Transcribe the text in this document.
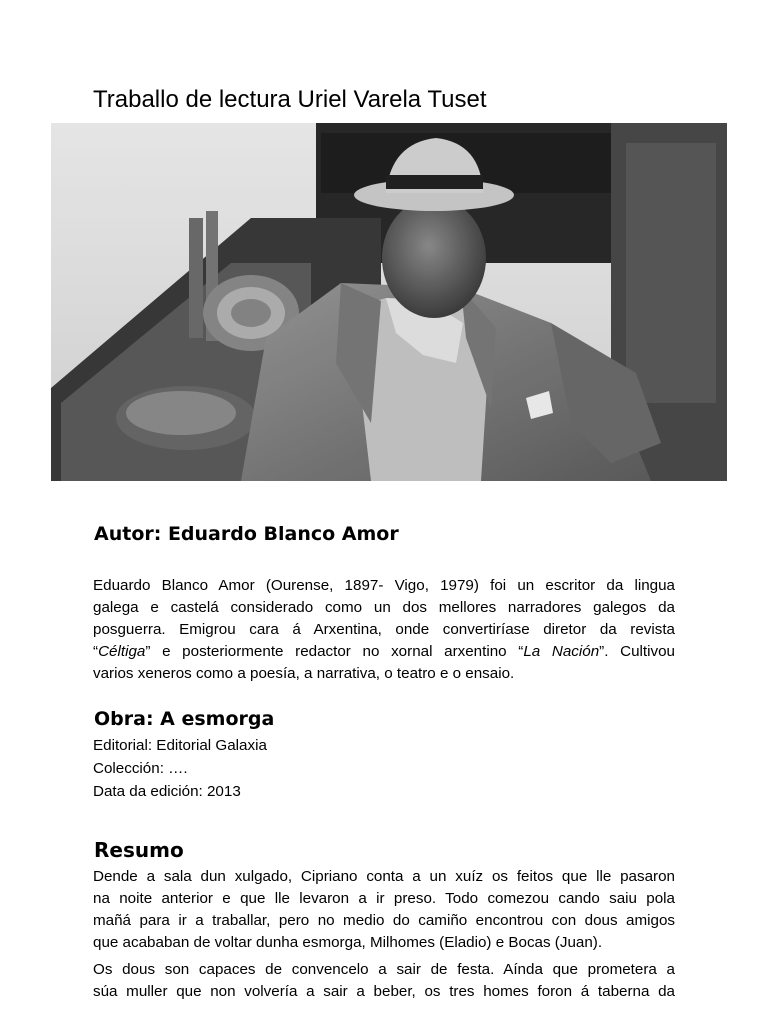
Traballo de lectura Uriel Varela Tuset
Autor: Eduardo Blanco Amor
Eduardo Blanco Amor (Ourense, 1897- Vigo, 1979) foi un escritor da lingua
galega e castelá considerado como un dos mellores narradores galegos da
posguerra. Emigrou cara á Arxentina, onde convertiríase diretor da revista
“Céltiga” e posteriormente redactor no xornal arxentino “La Nación”. Cultivou
varios xeneros como a poesía, a narrativa, o teatro e o ensaio.
Obra: A esmorga
Editorial: Editorial Galaxia
Colección: ….
Data da edición: 2013
Resumo
Dende a sala dun xulgado, Cipriano conta a un xuíz os feitos que lle pasaron
na noite anterior e que lle levaron a ir preso. Todo comezou cando saiu pola
mañá para ir a traballar, pero no medio do camiño encontrou con dous amigos
que acababan de voltar dunha esmorga, Milhomes (Eladio) e Bocas (Juan).
Os dous son capaces de convencelo a sair de festa. Aínda que prometera a
súa muller que non volvería a sair a beber, os tres homes foron á taberna da
